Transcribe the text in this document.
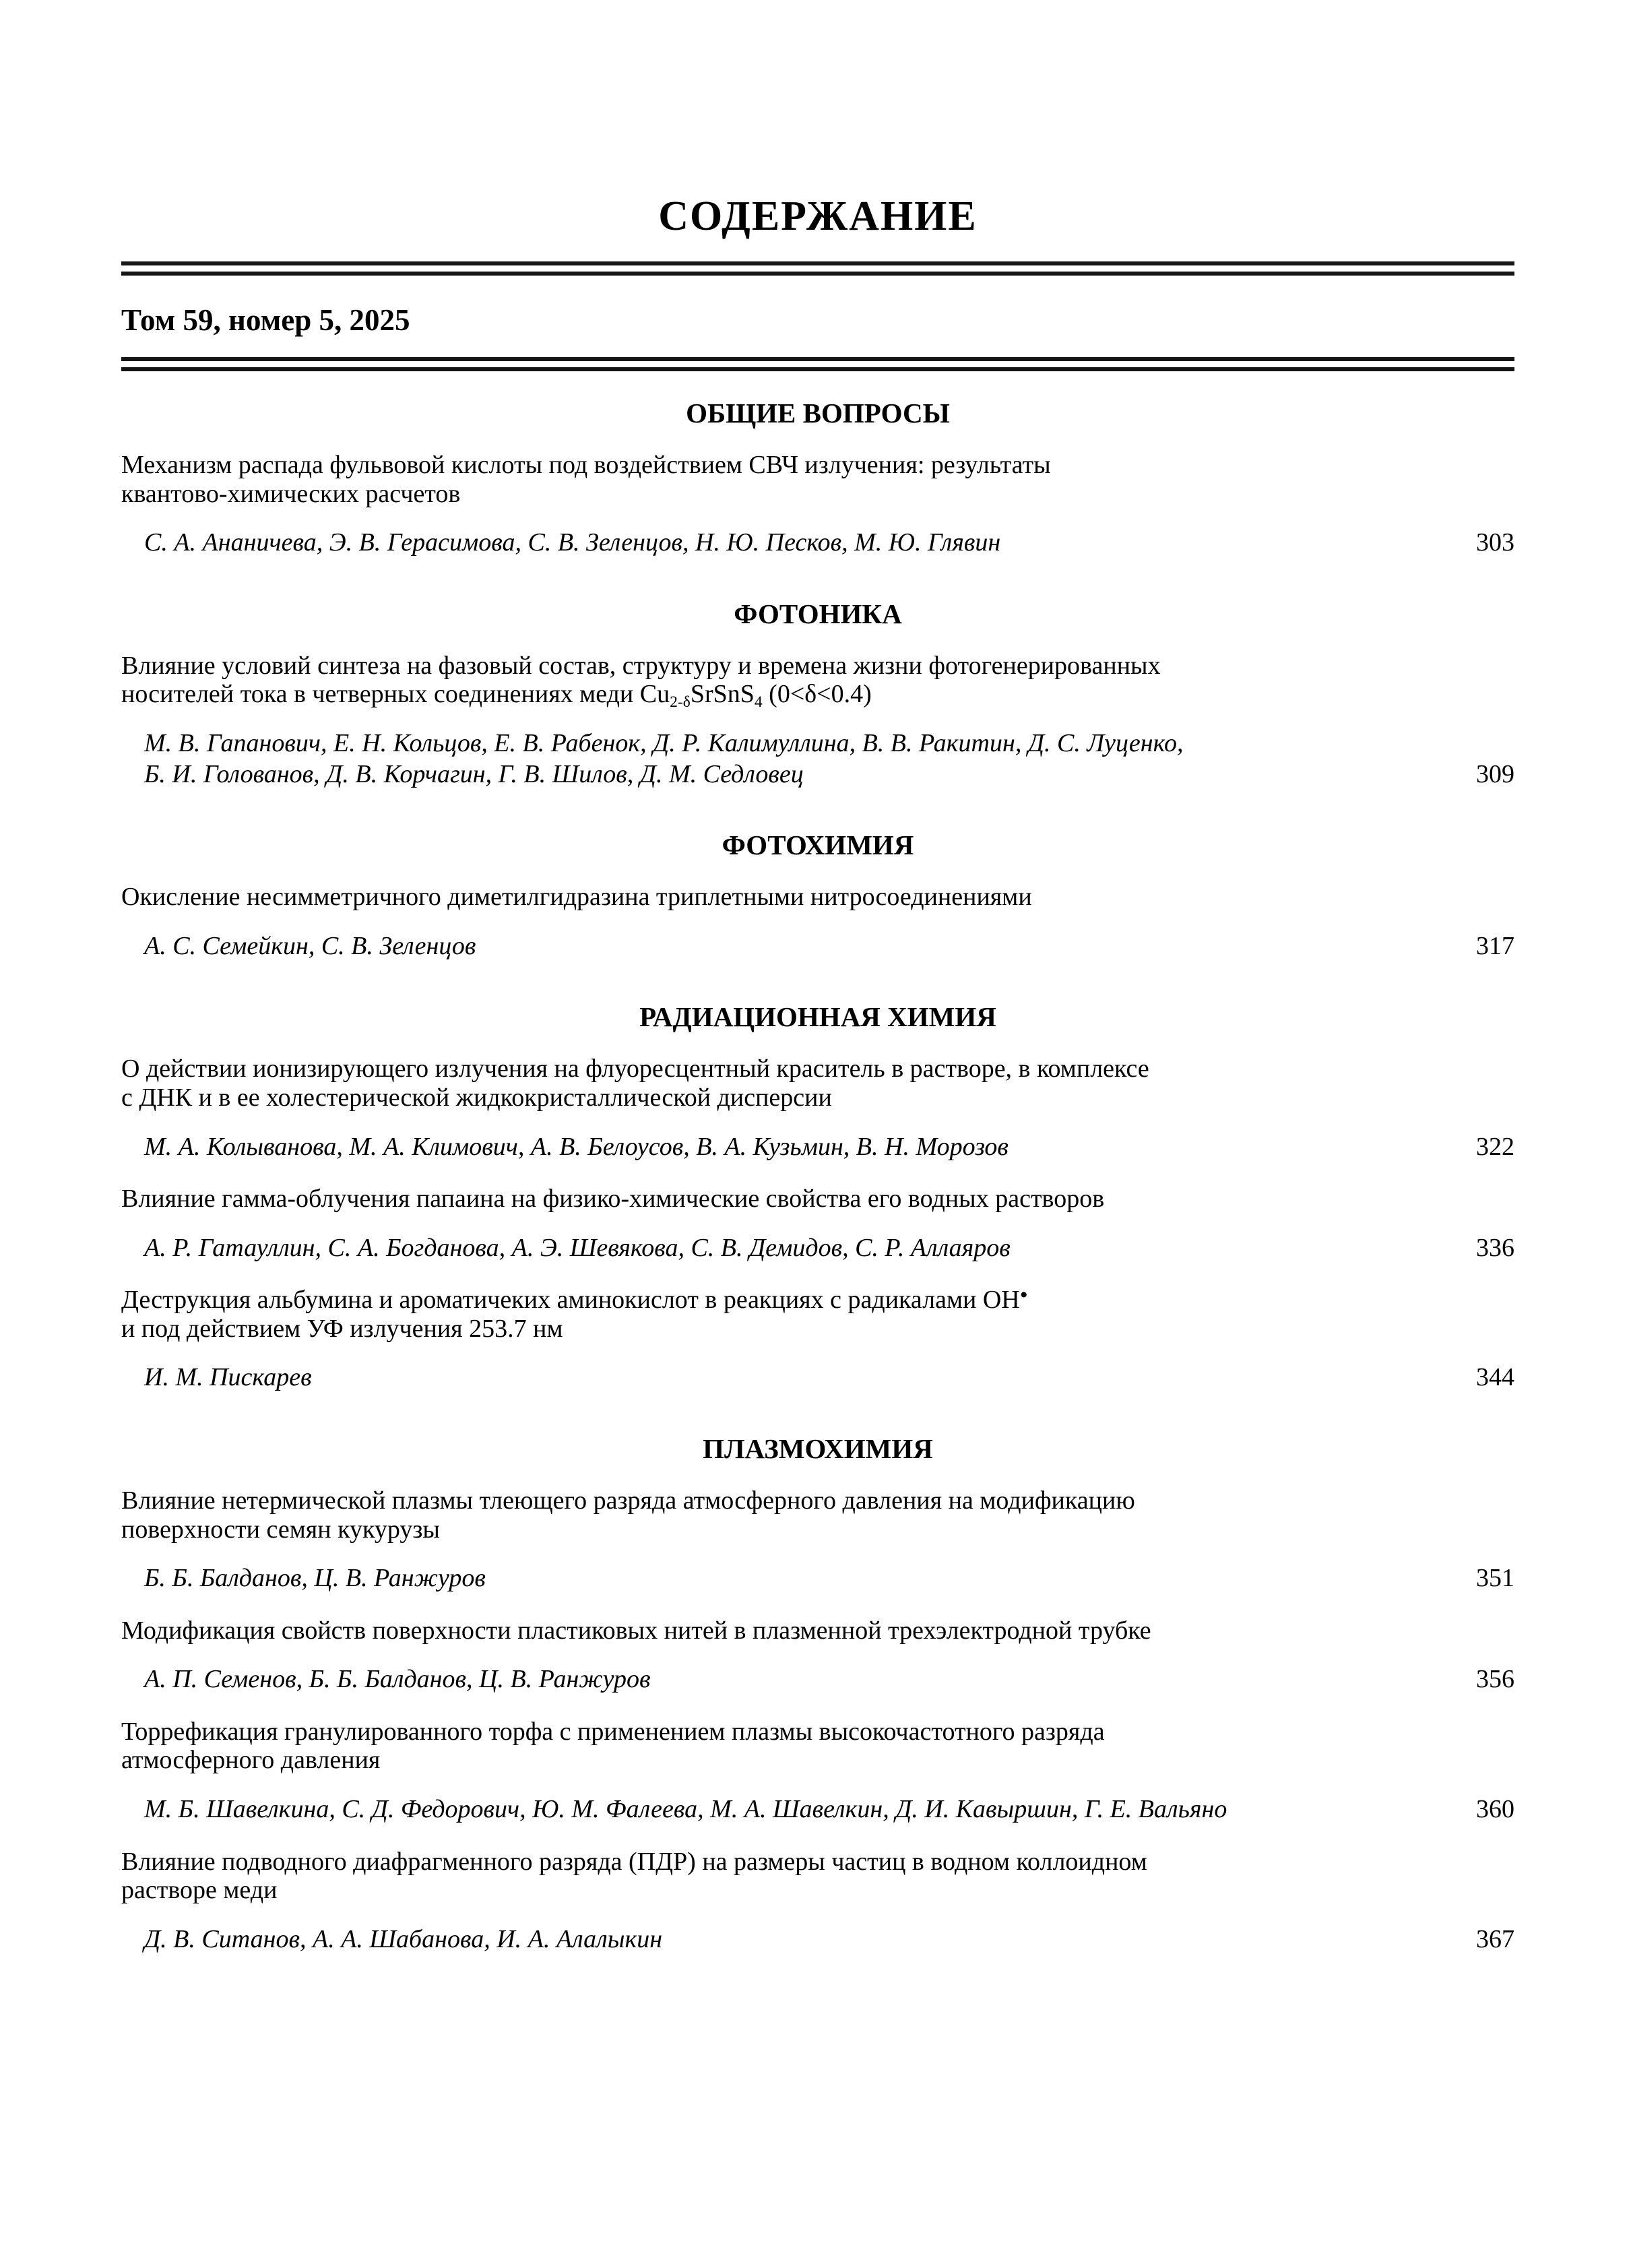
СОДЕРЖАНИЕ
Том 59, номер 5, 2025
ОБЩИЕ ВОПРОСЫ
Механизм распада фульвовой кислоты под воздействием СВЧ излучения: результаты
квантово-химических расчетов
С. А. Ананичева, Э. В. Герасимова, С. В. Зеленцов, Н. Ю. Песков, М. Ю. Глявин	303
ФОТОНИКА
Влияние условий синтеза на фазовый состав, структуру и времена жизни фотогенерированных
носителей тока в четверных соединениях меди $Cu_{2-\delta}SrSnS_4$ (0<δ<0.4)
М. В. Гапанович, Е. Н. Кольцов, Е. В. Рабенок, Д. Р. Калимуллина, В. В. Ракитин, Д. С. Луценко,
Б. И. Голованов, Д. В. Корчагин, Г. В. Шилов, Д. М. Седловец	309
ФОТОХИМИЯ
Окисление несимметричного диметилгидразина триплетными нитросоединениями
А. С. Семейкин, С. В. Зеленцов	317
РАДИАЦИОННАЯ ХИМИЯ
О действии ионизирующего излучения на флуоресцентный краситель в растворе, в комплексе
с ДНК и в ее холестерической жидкокристаллической дисперсии
М. А. Колыванова, М. А. Климович, А. В. Белоусов, В. А. Кузьмин, В. Н. Морозов	322
Влияние гамма-облучения папаина на физико-химические свойства его водных растворов
А. Р. Гатауллин, С. А. Богданова, А. Э. Шевякова, С. В. Демидов, С. Р. Аллаяров	336
Деструкция альбумина и ароматичеких аминокислот в реакциях с радикалами ОН•
и под действием УФ излучения 253.7 нм
И. М. Пискарев	344
ПЛАЗМОХИМИЯ
Влияние нетермической плазмы тлеющего разряда атмосферного давления на модификацию
поверхности семян кукурузы
Б. Б. Балданов, Ц. В. Ранжуров	351
Модификация свойств поверхности пластиковых нитей в плазменной трехэлектродной трубке
А. П. Семенов, Б. Б. Балданов, Ц. В. Ранжуров	356
Торрефикация гранулированного торфа с применением плазмы высокочастотного разряда
атмосферного давления
М. Б. Шавелкина, С. Д. Федорович, Ю. М. Фалеева, М. А. Шавелкин, Д. И. Кавыршин, Г. Е. Вальяно	360
Влияние подводного диафрагменного разряда (ПДР) на размеры частиц в водном коллоидном
растворе меди
Д. В. Ситанов, А. А. Шабанова, И. А. Алалыкин	367
